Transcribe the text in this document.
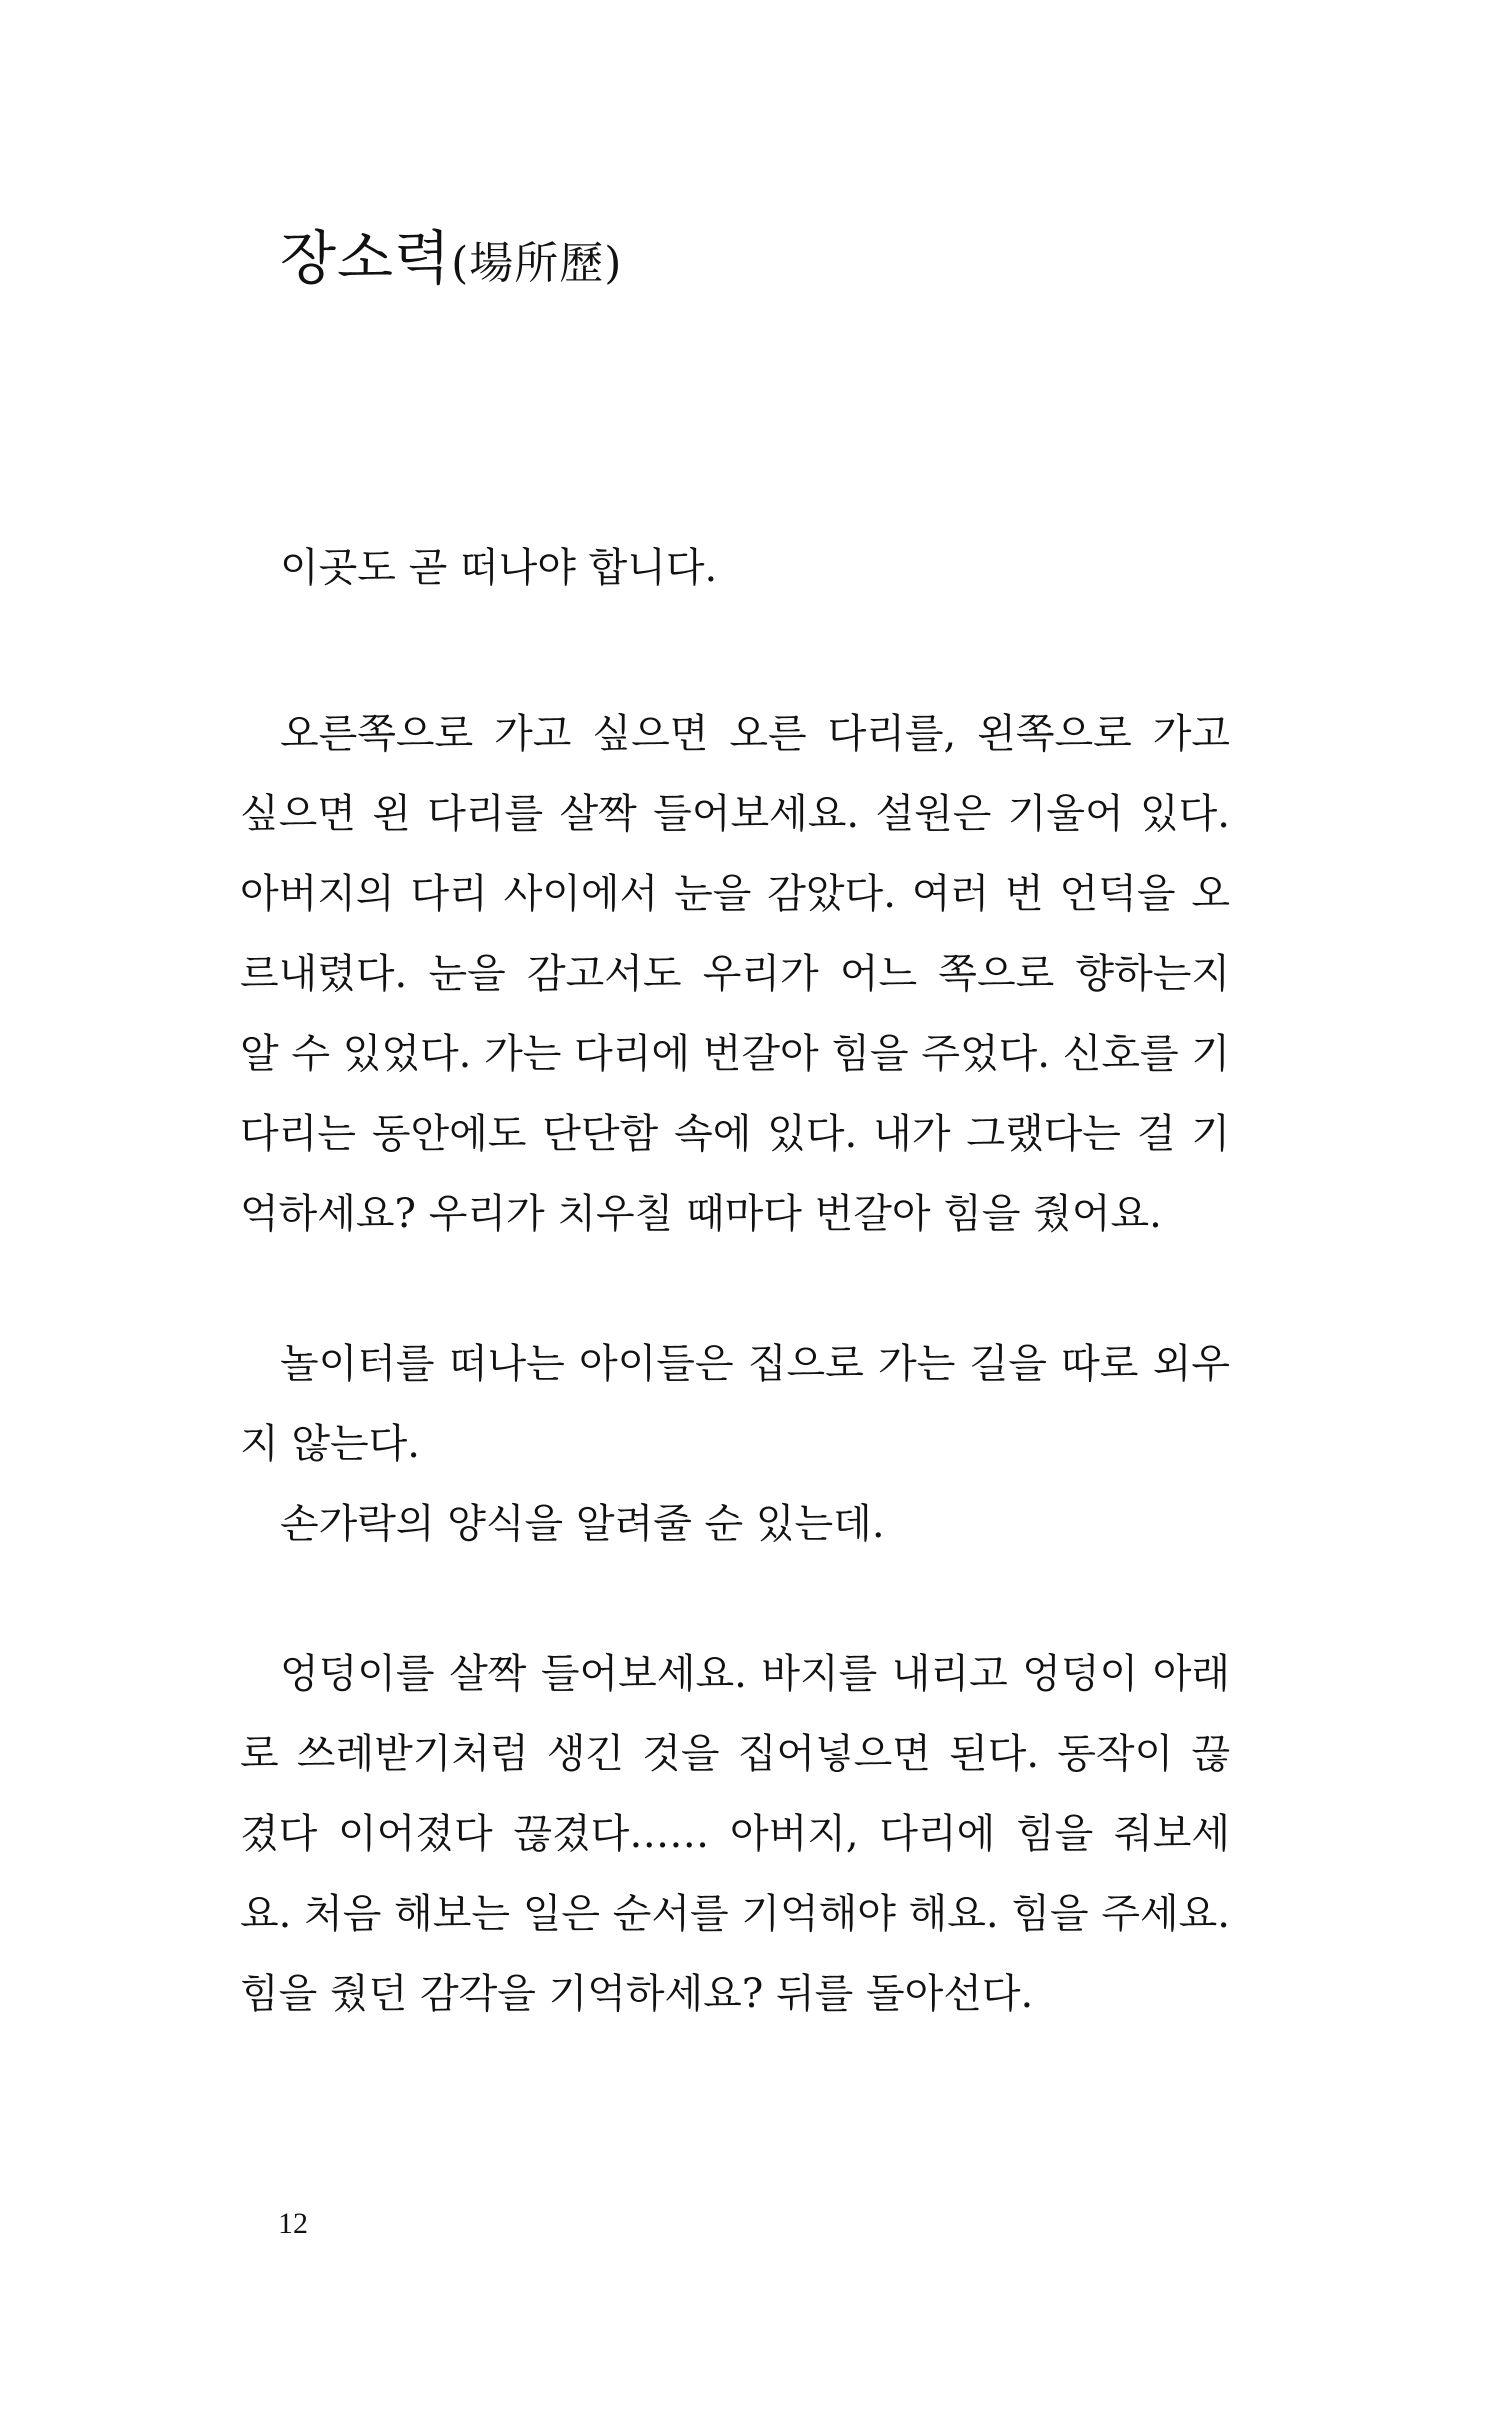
장소력(場所歷)
이곳도 곧 떠나야 합니다.
오른쪽으로 가고 싶으면 오른 다리를, 왼쪽으로 가고
싶으면 왼 다리를 살짝 들어보세요. 설원은 기울어 있다.
아버지의 다리 사이에서 눈을 감았다. 여러 번 언덕을 오
르내렸다. 눈을 감고서도 우리가 어느 쪽으로 향하는지
알 수 있었다. 가는 다리에 번갈아 힘을 주었다. 신호를 기
다리는 동안에도 단단함 속에 있다. 내가 그랬다는 걸 기
억하세요? 우리가 치우칠 때마다 번갈아 힘을 줬어요.
놀이터를 떠나는 아이들은 집으로 가는 길을 따로 외우
지 않는다.
손가락의 양식을 알려줄 순 있는데.
엉덩이를 살짝 들어보세요. 바지를 내리고 엉덩이 아래
로 쓰레받기처럼 생긴 것을 집어넣으면 된다. 동작이 끊
겼다 이어졌다 끊겼다…… 아버지, 다리에 힘을 줘보세
요. 처음 해보는 일은 순서를 기억해야 해요. 힘을 주세요.
힘을 줬던 감각을 기억하세요? 뒤를 돌아선다.
12
